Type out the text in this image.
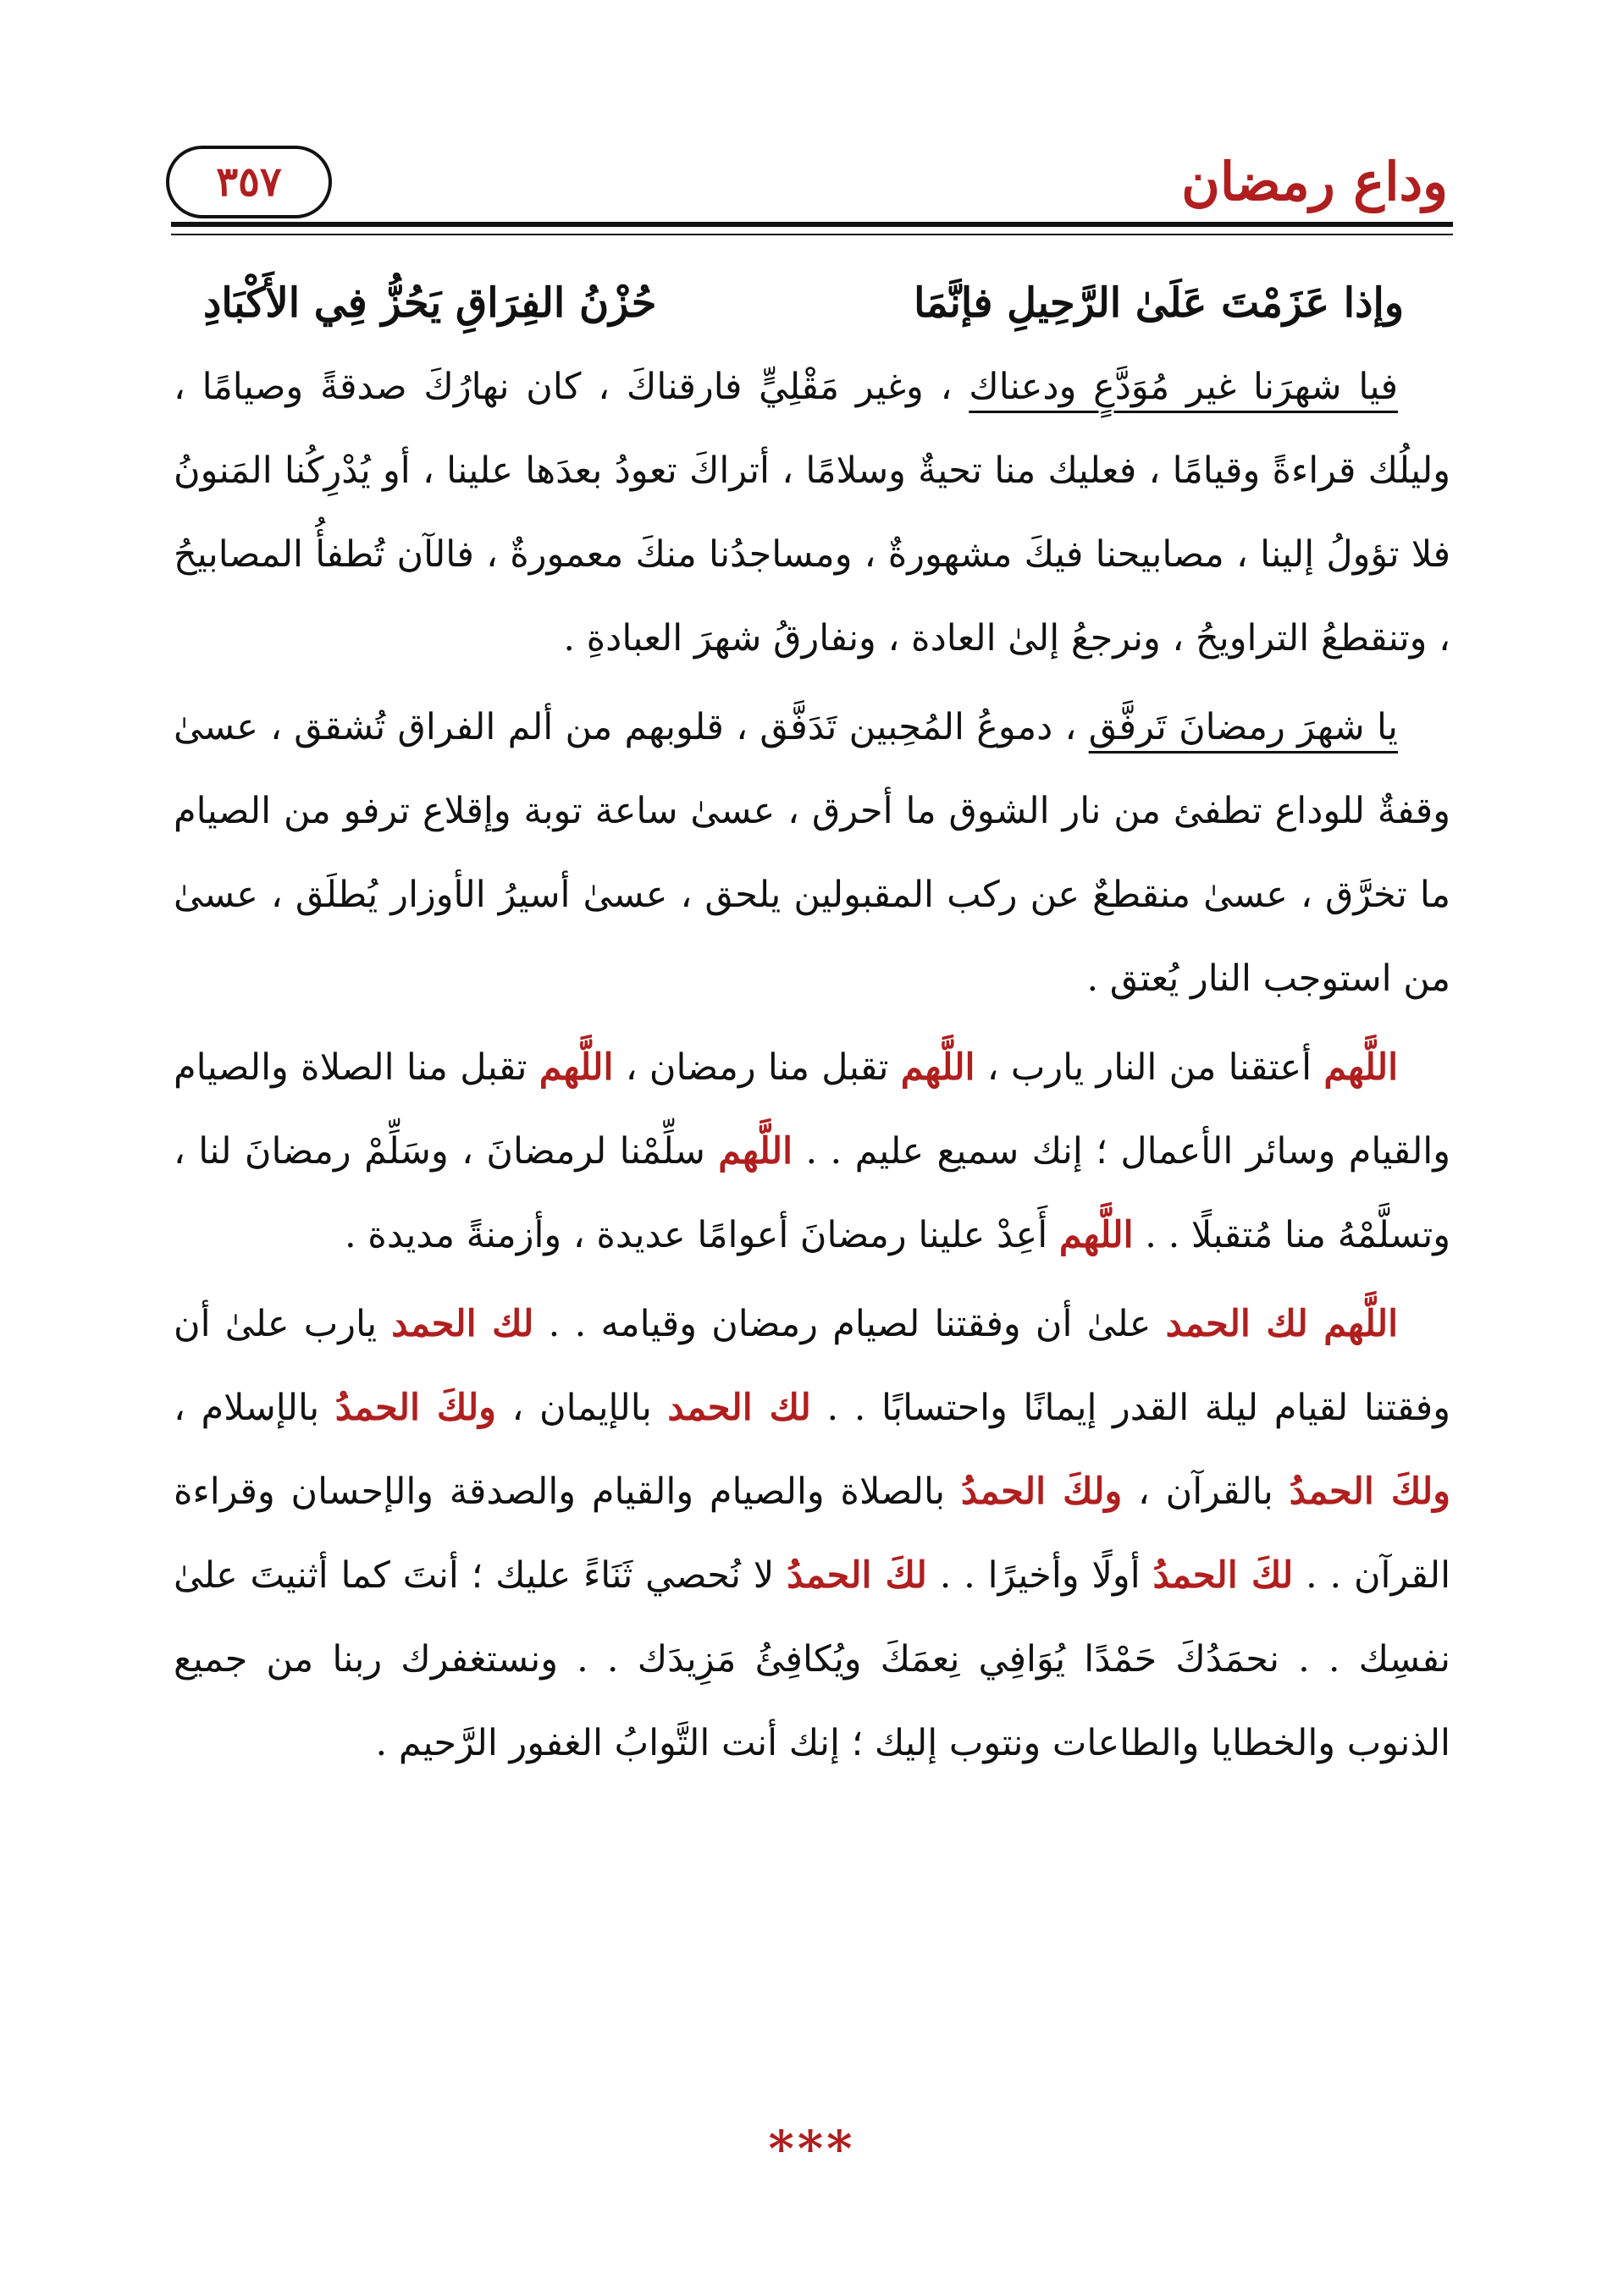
وداع رمضان
٣٥٧
وإذا عَزَمْتَ عَلَىٰ الرَّحِيلِ فإنَّمَا
حُزْنُ الفِرَاقِ يَحُزُّ فِي الأَكْبَادِ

فيا شهرَنا غير مُوَدَّعٍ ودعناك ، وغير مَقْلِيٍّ فارقناكَ ، كان نهارُكَ صدقةً وصيامًا ، وليلُك قراءةً وقيامًا ، فعليك منا تحيةٌ وسلامًا ، أتراكَ تعودُ بعدَها علينا ، أو يُدْرِكُنا المَنونُ فلا تؤولُ إلينا ، مصابيحنا فيكَ مشهورةٌ ، ومساجدُنا منكَ معمورةٌ ، فالآن تُطفأُ المصابيحُ ، وتنقطعُ التراويحُ ، ونرجعُ إلىٰ العادة ، ونفارقُ شهرَ العبادةِ .

يا شهرَ رمضانَ تَرفَّق ، دموعُ المُحِبين تَدَفَّق ، قلوبهم من ألم الفراق تُشقق ، عسىٰ وقفةٌ للوداع تطفئ من نار الشوق ما أحرق ، عسىٰ ساعة توبة وإقلاع ترفو من الصيام ما تخرَّق ، عسىٰ منقطعٌ عن ركب المقبولين يلحق ، عسىٰ أسيرُ الأوزار يُطلَق ، عسىٰ من استوجب النار يُعتق .

اللَّهم أعتقنا من النار يارب ، اللَّهم تقبل منا رمضان ، اللَّهم تقبل منا الصلاة والصيام والقيام وسائر الأعمال ؛ إنك سميع عليم . . اللَّهم سلِّمْنا لرمضانَ ، وسَلِّمْ رمضانَ لنا ، وتسلَّمْهُ منا مُتقبلًا . . اللَّهم أَعِدْ علينا رمضانَ أعوامًا عديدة ، وأزمنةً مديدة .

اللَّهم لك الحمد علىٰ أن وفقتنا لصيام رمضان وقيامه . . لك الحمد يارب علىٰ أن وفقتنا لقيام ليلة القدر إيمانًا واحتسابًا . . لك الحمد بالإيمان ، ولكَ الحمدُ بالإسلام ، ولكَ الحمدُ بالقرآن ، ولكَ الحمدُ بالصلاة والصيام والقيام والصدقة والإحسان وقراءة القرآن . . لكَ الحمدُ أولًا وأخيرًا . . لكَ الحمدُ لا نُحصي ثَنَاءً عليك ؛ أنتَ كما أثنيتَ علىٰ نفسِك . . نحمَدُكَ حَمْدًا يُوَافِي نِعمَكَ ويُكافِئُ مَزِيدَك . . ونستغفرك ربنا من جميع الذنوب والخطايا والطاعات ونتوب إليك ؛ إنك أنت التَّوابُ الغفور الرَّحيم .

***
